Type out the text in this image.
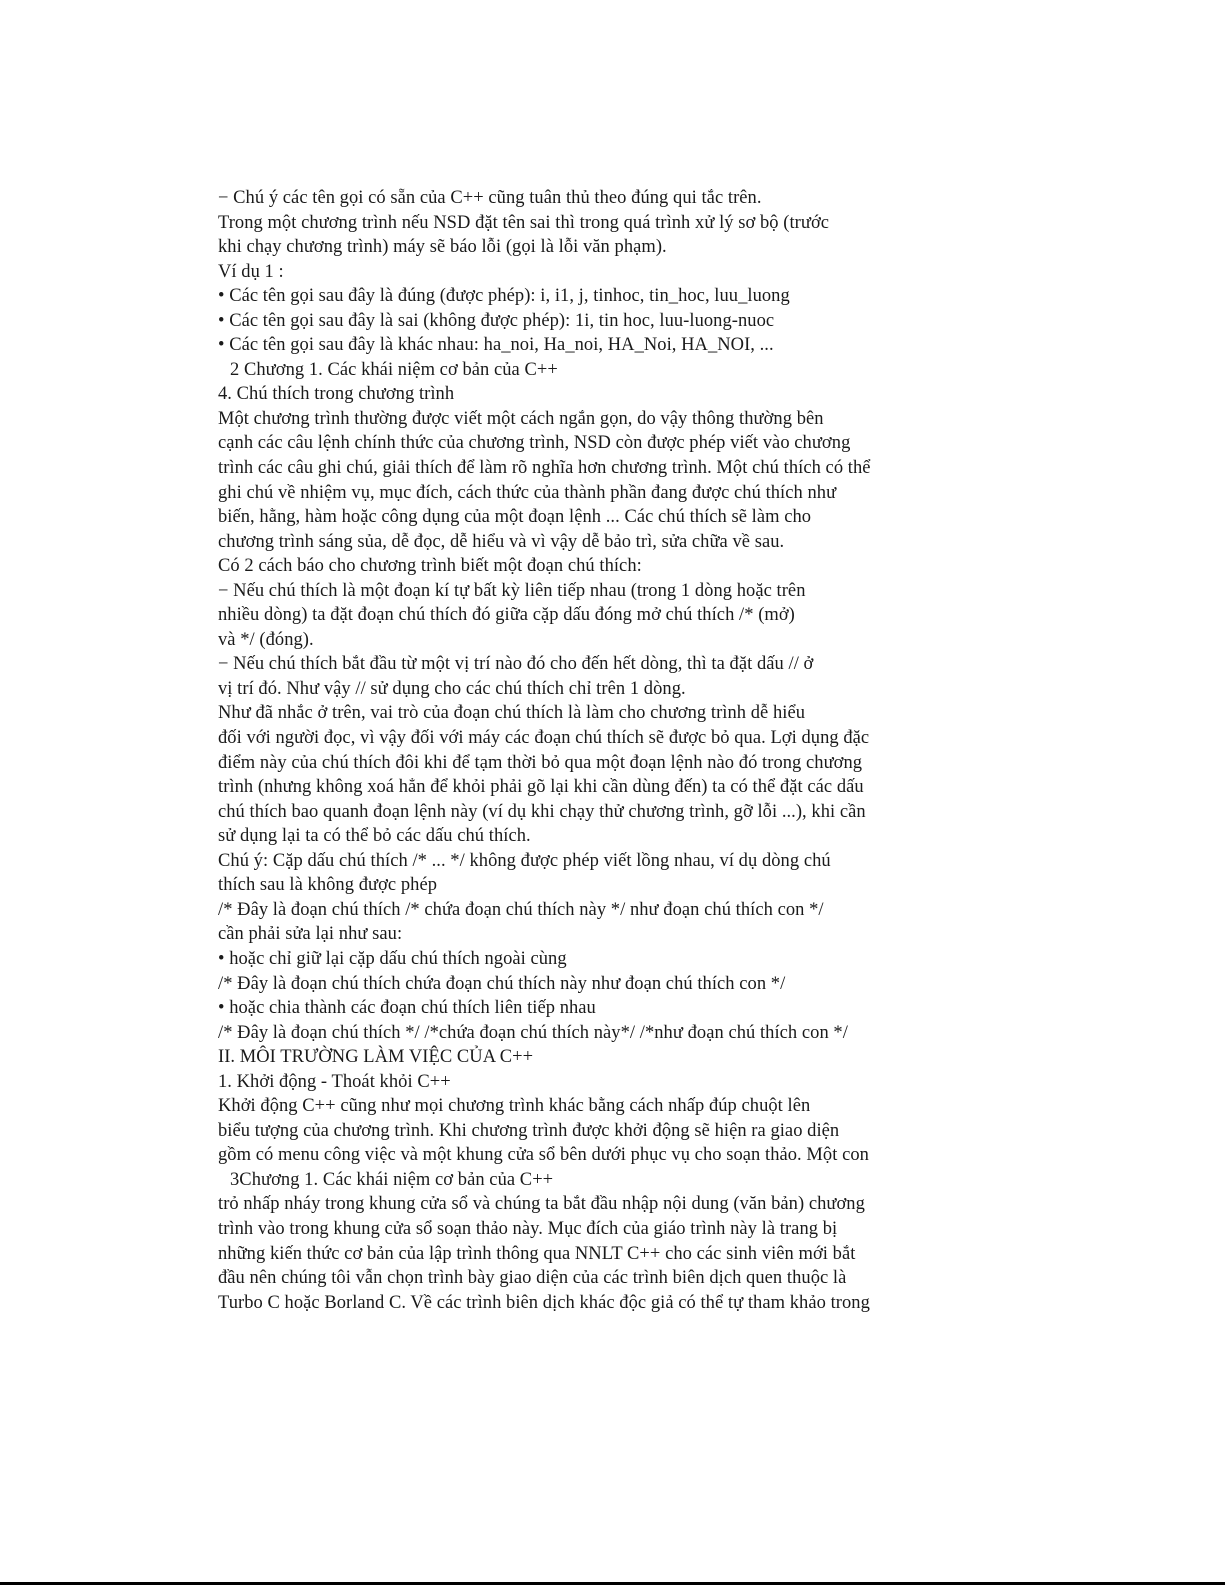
− Chú ý các tên gọi có sẵn của C++ cũng tuân thủ theo đúng qui tắc trên.
Trong một chương trình nếu NSD đặt tên sai thì trong quá trình xử lý sơ bộ (trước
khi chạy chương trình) máy sẽ báo lỗi (gọi là lỗi văn phạm).
Ví dụ 1 :
• Các tên gọi sau đây là đúng (được phép): i, i1, j, tinhoc, tin_hoc, luu_luong
• Các tên gọi sau đây là sai (không được phép): 1i, tin hoc, luu-luong-nuoc
• Các tên gọi sau đây là khác nhau: ha_noi, Ha_noi, HA_Noi, HA_NOI, ...
2 Chương 1. Các khái niệm cơ bản của C++
4. Chú thích trong chương trình
Một chương trình thường được viết một cách ngắn gọn, do vậy thông thường bên
cạnh các câu lệnh chính thức của chương trình, NSD còn được phép viết vào chương
trình các câu ghi chú, giải thích để làm rõ nghĩa hơn chương trình. Một chú thích có thể
ghi chú về nhiệm vụ, mục đích, cách thức của thành phần đang được chú thích như
biến, hằng, hàm hoặc công dụng của một đoạn lệnh ... Các chú thích sẽ làm cho
chương trình sáng sủa, dễ đọc, dễ hiểu và vì vậy dễ bảo trì, sửa chữa về sau.
Có 2 cách báo cho chương trình biết một đoạn chú thích:
− Nếu chú thích là một đoạn kí tự bất kỳ liên tiếp nhau (trong 1 dòng hoặc trên
nhiều dòng) ta đặt đoạn chú thích đó giữa cặp dấu đóng mở chú thích /* (mở)
và */ (đóng).
− Nếu chú thích bắt đầu từ một vị trí nào đó cho đến hết dòng, thì ta đặt dấu // ở
vị trí đó. Như vậy // sử dụng cho các chú thích chỉ trên 1 dòng.
Như đã nhắc ở trên, vai trò của đoạn chú thích là làm cho chương trình dễ hiểu
đối với người đọc, vì vậy đối với máy các đoạn chú thích sẽ được bỏ qua. Lợi dụng đặc
điểm này của chú thích đôi khi để tạm thời bỏ qua một đoạn lệnh nào đó trong chương
trình (nhưng không xoá hẳn để khỏi phải gõ lại khi cần dùng đến) ta có thể đặt các dấu
chú thích bao quanh đoạn lệnh này (ví dụ khi chạy thử chương trình, gỡ lỗi ...), khi cần
sử dụng lại ta có thể bỏ các dấu chú thích.
Chú ý: Cặp dấu chú thích /* ... */ không được phép viết lồng nhau, ví dụ dòng chú
thích sau là không được phép
/* Đây là đoạn chú thích /* chứa đoạn chú thích này */ như đoạn chú thích con */
cần phải sửa lại như sau:
• hoặc chỉ giữ lại cặp dấu chú thích ngoài cùng
/* Đây là đoạn chú thích chứa đoạn chú thích này như đoạn chú thích con */
• hoặc chia thành các đoạn chú thích liên tiếp nhau
/* Đây là đoạn chú thích */ /*chứa đoạn chú thích này*/ /*như đoạn chú thích con */
II. MÔI TRƯỜNG LÀM VIỆC CỦA C++
1. Khởi động - Thoát khỏi C++
Khởi động C++ cũng như mọi chương trình khác bằng cách nhấp đúp chuột lên
biểu tượng của chương trình. Khi chương trình được khởi động sẽ hiện ra giao diện
gồm có menu công việc và một khung cửa sổ bên dưới phục vụ cho soạn thảo. Một con
3Chương 1. Các khái niệm cơ bản của C++
trỏ nhấp nháy trong khung cửa sổ và chúng ta bắt đầu nhập nội dung (văn bản) chương
trình vào trong khung cửa sổ soạn thảo này. Mục đích của giáo trình này là trang bị
những kiến thức cơ bản của lập trình thông qua NNLT C++ cho các sinh viên mới bắt
đầu nên chúng tôi vẫn chọn trình bày giao diện của các trình biên dịch quen thuộc là
Turbo C hoặc Borland C. Về các trình biên dịch khác độc giả có thể tự tham khảo trong
